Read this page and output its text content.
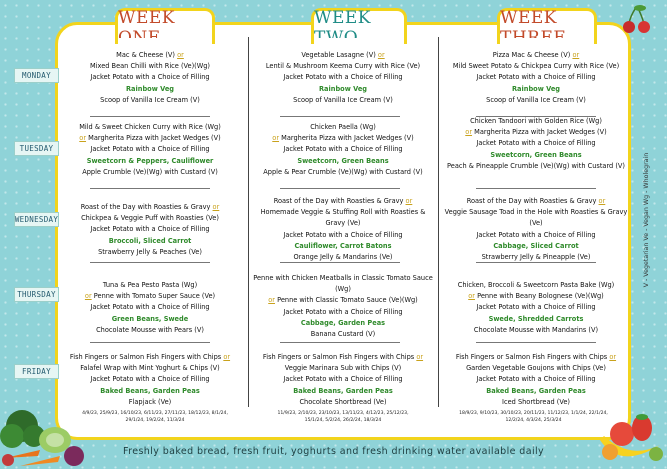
WEEK	WEEK	WEEK
MONDAY
TUESDAY
WEDNESDAY
THURSDAY
FRIDAY
Mac & Cheese (V) or
Mixed Bean Chilli with Rice (Ve)(Wg)
Jacket Potato with a Choice of Filling
Rainbow Veg
Scoop of Vanilla Ice Cream (V)
Vegetable Lasagne (V) or
Lentil & Mushroom Keema Curry with Rice (Ve)
Jacket Potato with a Choice of Filling
Rainbow Veg
Scoop of Vanilla Ice Cream (V)
Pizza Mac & Cheese (V) or
Mild Sweet Potato & Chickpea Curry with Rice (Ve)
Jacket Potato with a Choice of Filling
Rainbow Veg
Scoop of Vanilla Ice Cream (V)
Mild & Sweet Chicken Curry with Rice (Wg)
or Margherita Pizza with Jacket Wedges (V)
Jacket Potato with a Choice of Filling
Sweetcorn & Peppers, Cauliflower
Apple Crumble (Ve)(Wg) with Custard (V)
Chicken Paella (Wg)
or Margherita Pizza with Jacket Wedges (V)
Jacket Potato with a Choice of Filling
Sweetcorn, Green Beans
Apple & Pear Crumble (Ve)(Wg) with Custard (V)
Chicken Tandoori with Golden Rice (Wg)
or Margherita Pizza with Jacket Wedges (V)
Jacket Potato with a Choice of Filling
Sweetcorn, Green Beans
Peach & Pineapple Crumble (Ve)(Wg) with Custard (V)
Roast of the Day with Roasties & Gravy or
Chickpea & Veggie Puff with Roasties (Ve)
Jacket Potato with a Choice of Filling
Broccoli, Sliced Carrot
Strawberry Jelly & Peaches (Ve)
Roast of the Day with Roasties & Gravy or
Homemade Veggie & Stuffing Roll with Roasties & Gravy (Ve)
Jacket Potato with a Choice of Filling
Cauliflower, Carrot Batons
Orange Jelly & Mandarins (Ve)
Roast of the Day with Roasties & Gravy or
Veggie Sausage Toad in the Hole with Roasties & Gravy (Ve)
Jacket Potato with a Choice of Filling
Cabbage, Sliced Carrot
Strawberry Jelly & Pineapple (Ve)
Tuna & Pea Pesto Pasta (Wg)
or Penne with Tomato Super Sauce (Ve)
Jacket Potato with a Choice of Filling
Green Beans, Swede
Chocolate Mousse with Pears (V)
Penne with Chicken Meatballs in Classic Tomato Sauce (Wg)
or Penne with Classic Tomato Sauce (Ve)(Wg)
Jacket Potato with a Choice of Filling
Cabbage, Garden Peas
Banana Custard (V)
Chicken, Broccoli & Sweetcorn Pasta Bake (Wg)
or Penne with Beany Bolognese (Ve)(Wg)
Jacket Potato with a Choice of Filling
Swede, Shredded Carrots
Chocolate Mousse with Mandarins (V)
Fish Fingers or Salmon Fish Fingers with Chips or
Falafel Wrap with Mint Yoghurt & Chips (V)
Jacket Potato with a Choice of Filling
Baked Beans, Garden Peas
Flapjack (Ve)
Fish Fingers or Salmon Fish Fingers with Chips or
Veggie Marinara Sub with Chips (V)
Jacket Potato with a Choice of Filling
Baked Beans, Garden Peas
Chocolate Shortbread (Ve)
Fish Fingers or Salmon Fish Fingers with Chips or
Garden Vegetable Goujons with Chips (Ve)
Jacket Potato with a Choice of Filling
Baked Beans, Garden Peas
Iced Shortbread (Ve)
4/9/23, 25/9/23, 16/10/23, 6/11/23, 27/11/23, 18/12/23, 8/1/24, 29/1/24, 19/2/24, 11/3/24
11/9/23, 2/10/23, 23/10/23, 13/11/23, 4/12/23, 25/12/23, 15/1/24, 5/2/24, 26/2/24, 18/3/24
18/9/23, 9/10/23, 30/10/23, 20/11/23, 11/12/23, 1/1/24, 22/1/24, 12/2/24, 4/3/24, 25/3/24
V - Vegetarian Ve - Vegan Wg - Wholegrain
Freshly baked bread, fresh fruit, yoghurts and fresh drinking water available daily
